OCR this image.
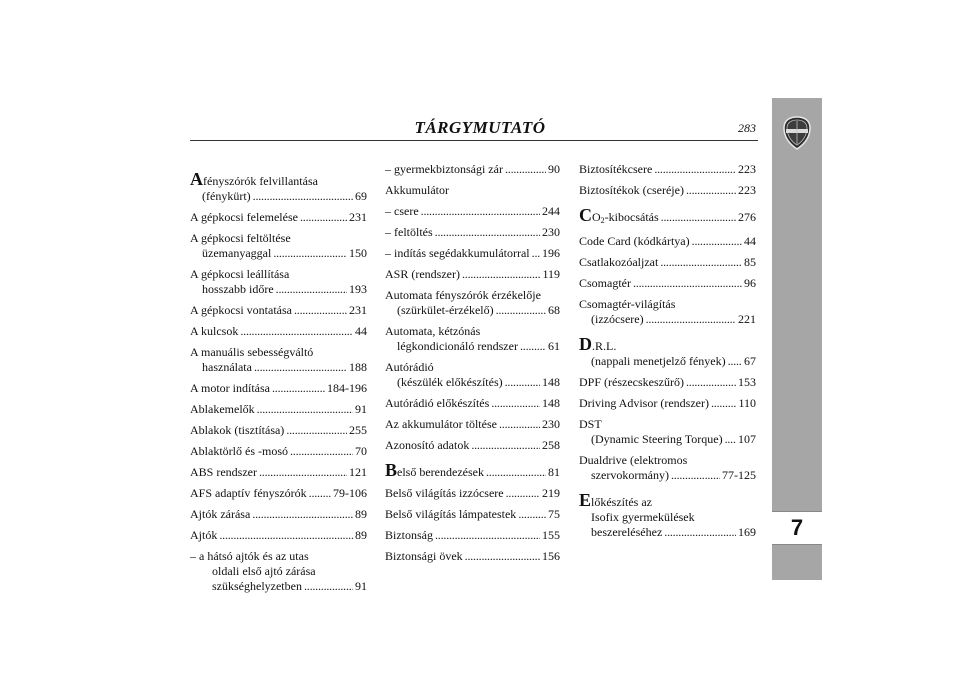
TÁRGYMUTATÓ	283
7
Afényszórók felvillantása
(fénykürt) . . .	69
A gépkocsi felemelése . . .	231
A gépkocsi feltöltése
üzemanyaggal . . .	150
A gépkocsi leállítása
hosszabb időre . . .	193
A gépkocsi vontatása . . .	231
A kulcsok . . .	44
A manuális sebességváltó
használata . . .	188
A motor indítása . . .	184-196
Ablakemelők . . .	91
Ablakok (tisztítása) . . .	255
Ablaktörlő és -mosó . . .	70
ABS rendszer . . .	121
AFS adaptív fényszórók . . . 79-106
Ajtók zárása . . .	89
Ajtók . . .	89
– a hátsó ajtók és az utas
oldali első ajtó zárása
szükséghelyzetben . . .	91
– gyermekbiztonsági zár . . .	90
Akkumulátor
– csere . . .	244
– feltöltés . . .	230
– indítás segédakkumulátorral . . . 196
ASR (rendszer) . . .	119
Automata fényszórók érzékelője
(szürkület-érzékelő) . . .	68
Automata, kétzónás
légkondicionáló rendszer . . .	61
Autórádió
(készülék előkészítés) . . .	148
Autórádió előkészítés . . .	148
Az akkumulátor töltése . . .	230
Azonosító adatok . . .	258
Belső berendezések . . .	81
Belső világítás izzócsere . . .	219
Belső világítás lámpatestek . . .	75
Biztonság . . .	155
Biztonsági övek . . .	156
Biztosítékcsere . . .	223
Biztosítékok (cseréje) . . .	223
$CO_2$-kibocsátás . . .	276
Code Card (kódkártya) . . .	44
Csatlakozóaljzat . . .	85
Csomagtér . . .	96
Csomagtér-világítás
(izzócsere) . . .	221
D.R.L.
(nappali menetjelző fények) . . . 67
DPF (részecskeszűrő) . . .	153
Driving Advisor (rendszer) . . . 110
DST
(Dynamic Steering Torque) . . . 107
Dualdrive (elektromos
szervokormány) . . .	77-125
Előkészítés az
Isofix gyermekülések
beszereléséhez . . .	169
